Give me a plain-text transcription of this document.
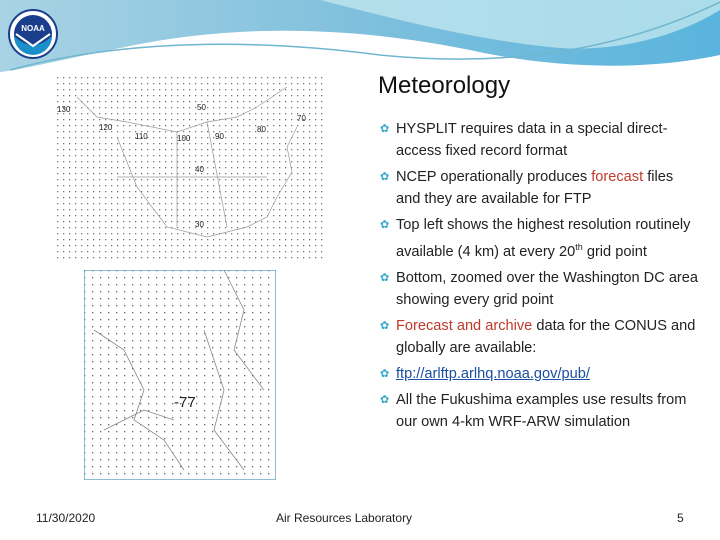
NOAA
130
120
110	100	90
80
70
50
40
30
-77
Meteorology
✿ HYSPLIT requires data in a special direct-access fixed record format
✿ NCEP operationally produces forecast files and they are available for FTP
✿ Top left shows the highest resolution routinely available (4 km) at every 20th grid point
✿ Bottom, zoomed over the Washington DC area showing every grid point
✿ Forecast and archive data for the CONUS and globally are available:
✿ ftp://arlftp.arlhq.noaa.gov/pub/
✿ All the Fukushima examples use results from our own 4-km WRF-ARW simulation
11/30/2020	Air Resources Laboratory	5
